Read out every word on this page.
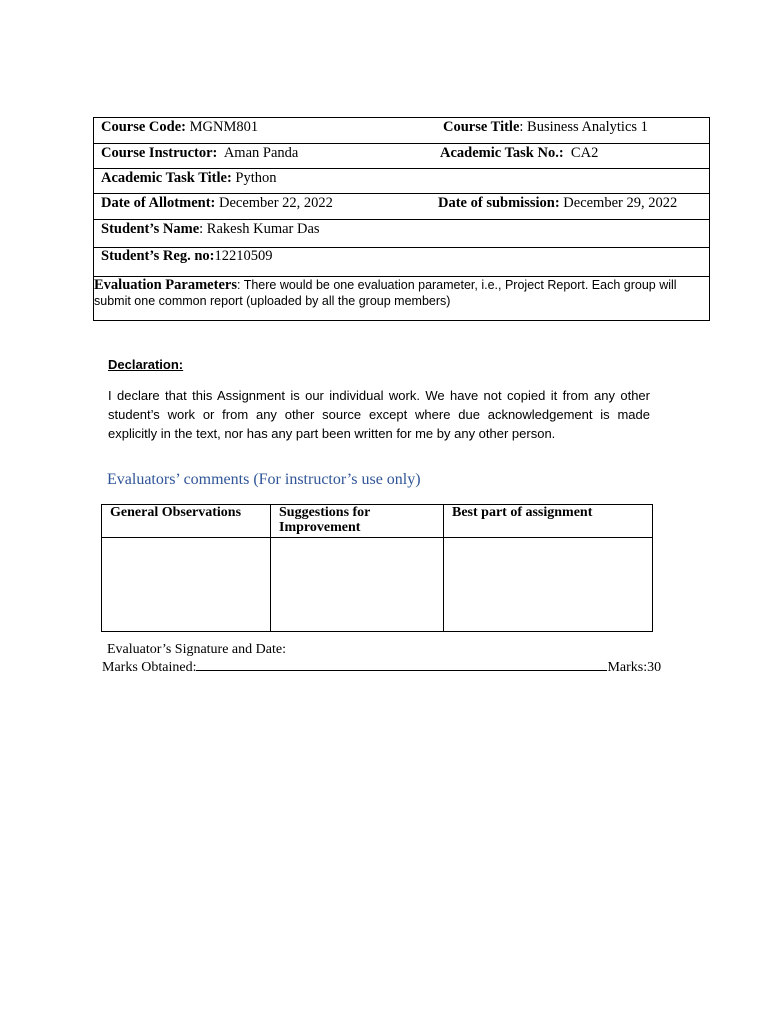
Course Code: MGNM801	Course Title: Business Analytics 1
Course Instructor:  Aman Panda	Academic Task No.:  CA2
Academic Task Title: Python
Date of Allotment: December 22, 2022	Date of submission: December 29, 2022
Student’s Name: Rakesh Kumar Das
Student’s Reg. no:12210509
Evaluation Parameters: There would be one evaluation parameter, i.e., Project Report. Each group will submit one common report (uploaded by all the group members)
Declaration:
I declare that this Assignment is our individual work. We have not copied it from any other student’s work or from any other source except where due acknowledgement is made explicitly in the text, nor has any part been written for me by any other person.
Evaluators’ comments (For instructor’s use only)
General Observations	Suggestions for Improvement	Best part of assignment

Evaluator’s Signature and Date:
Marks Obtained:	Marks:30
